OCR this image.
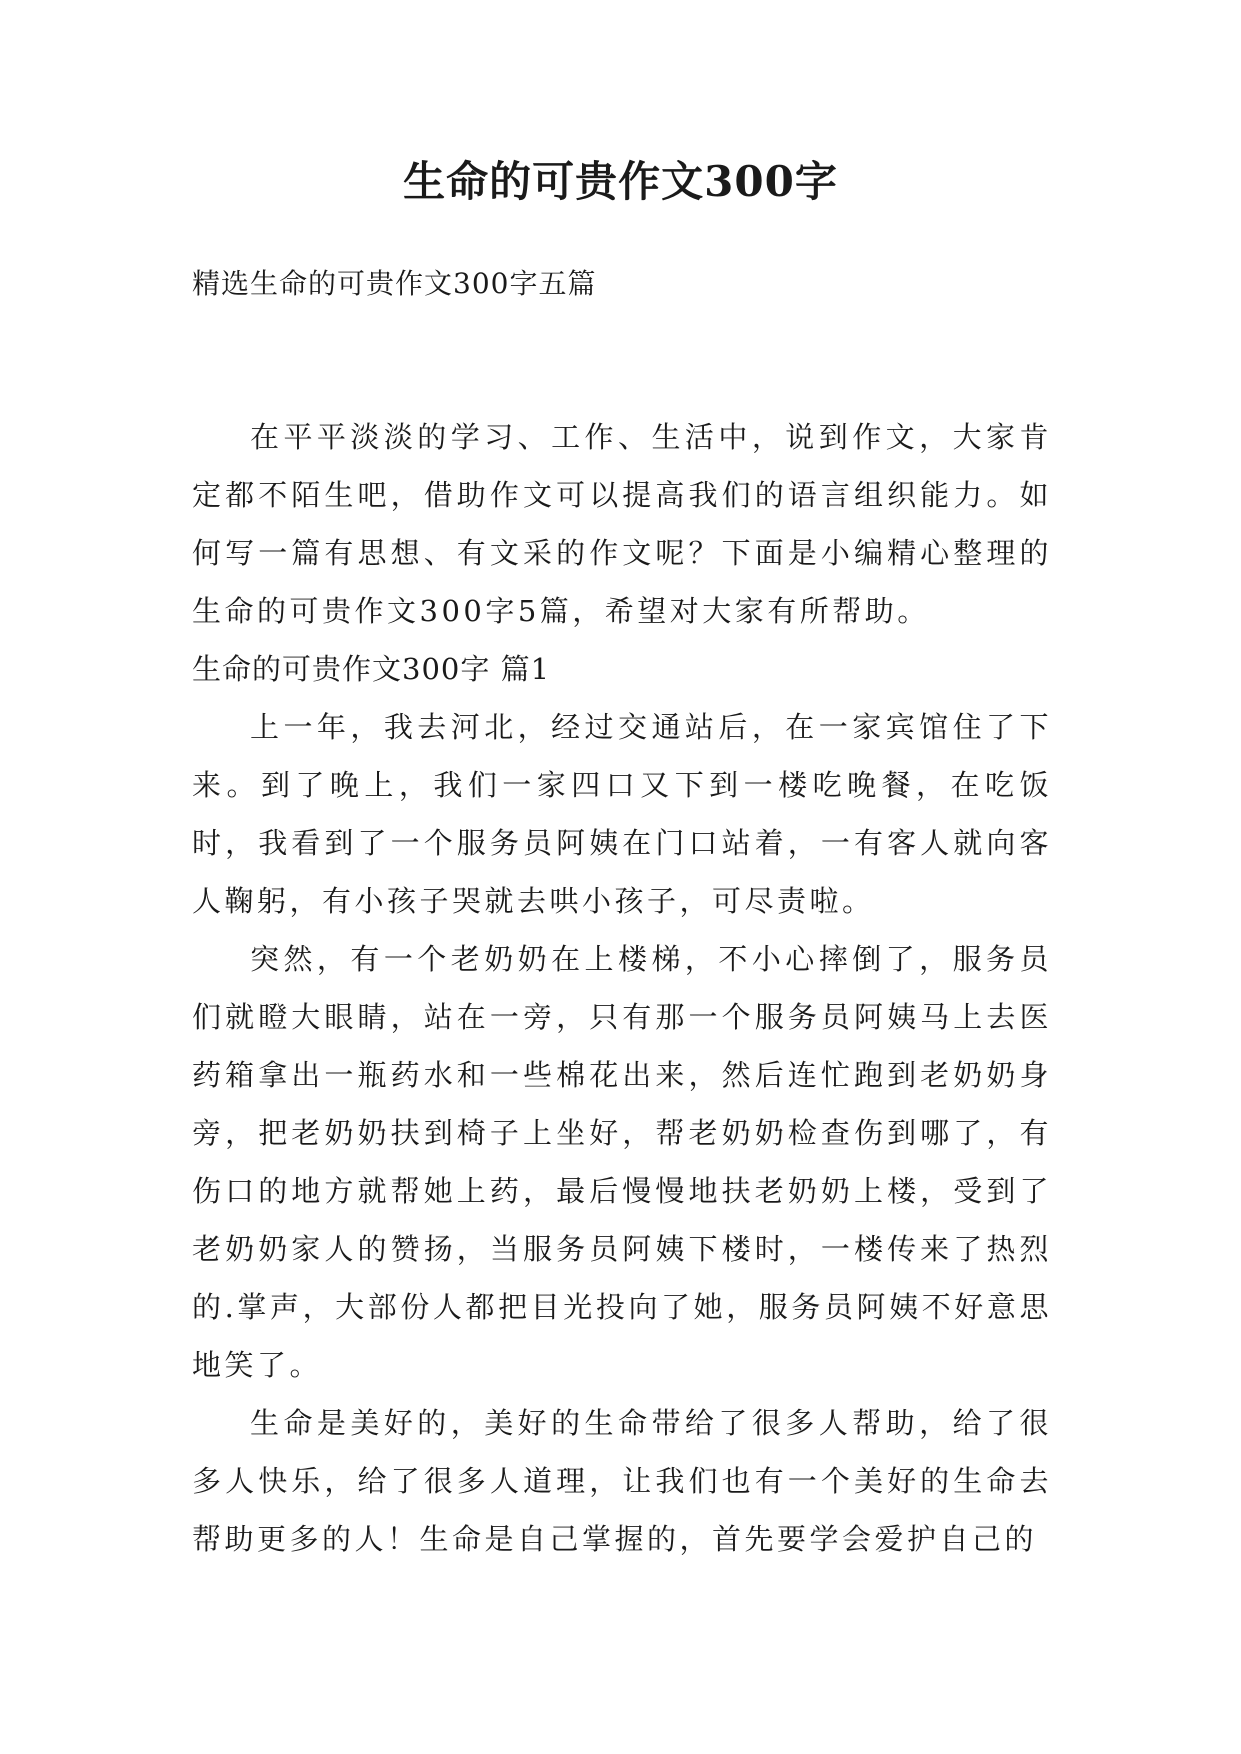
生命的可贵作文300字
精选生命的可贵作文300字五篇

在平平淡淡的学习、工作、生活中，说到作文，大家肯定都不陌生吧，借助作文可以提高我们的语言组织能力。如何写一篇有思想、有文采的作文呢？下面是小编精心整理的生命的可贵作文300字5篇，希望对大家有所帮助。

生命的可贵作文300字 篇1

上一年，我去河北，经过交通站后，在一家宾馆住了下来。到了晚上，我们一家四口又下到一楼吃晚餐，在吃饭时，我看到了一个服务员阿姨在门口站着，一有客人就向客人鞠躬，有小孩子哭就去哄小孩子，可尽责啦。

突然，有一个老奶奶在上楼梯，不小心摔倒了，服务员们就瞪大眼睛，站在一旁，只有那一个服务员阿姨马上去医药箱拿出一瓶药水和一些棉花出来，然后连忙跑到老奶奶身旁，把老奶奶扶到椅子上坐好，帮老奶奶检查伤到哪了，有伤口的地方就帮她上药，最后慢慢地扶老奶奶上楼，受到了老奶奶家人的赞扬，当服务员阿姨下楼时，一楼传来了热烈的.掌声，大部份人都把目光投向了她，服务员阿姨不好意思地笑了。

生命是美好的，美好的生命带给了很多人帮助，给了很多人快乐，给了很多人道理，让我们也有一个美好的生命去帮助更多的人！生命是自己掌握的，首先要学会爱护自己的
